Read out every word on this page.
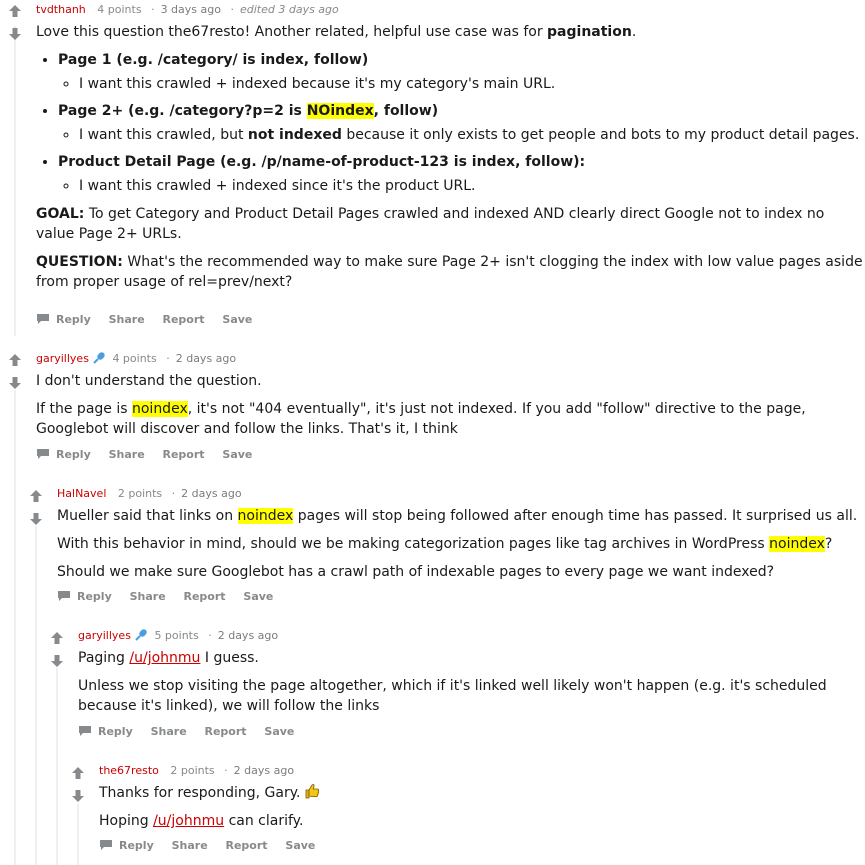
tvdthanh 4 points · 3 days ago · edited 3 days ago

Love this question the67resto! Another related, helpful use case was for pagination.

• Page 1 (e.g. /category/ is index, follow)
◦ I want this crawled + indexed because it's my category's main URL.
• Page 2+ (e.g. /category?p=2 is NOindex, follow)
◦ I want this crawled, but not indexed because it only exists to get people and bots to my product detail pages.
• Product Detail Page (e.g. /p/name-of-product-123 is index, follow):
◦ I want this crawled + indexed since it's the product URL.

GOAL: To get Category and Product Detail Pages crawled and indexed AND clearly direct Google not to index no value Page 2+ URLs.

QUESTION: What's the recommended way to make sure Page 2+ isn't clogging the index with low value pages aside from proper usage of rel=prev/next?

Reply Share Report Save
garyillyes 4 points · 2 days ago

I don't understand the question.

If the page is noindex, it's not "404 eventually", it's just not indexed. If you add "follow" directive to the page, Googlebot will discover and follow the links. That's it, I think

Reply Share Report Save
HalNavel 2 points · 2 days ago

Mueller said that links on noindex pages will stop being followed after enough time has passed. It surprised us all.

With this behavior in mind, should we be making categorization pages like tag archives in WordPress noindex?

Should we make sure Googlebot has a crawl path of indexable pages to every page we want indexed?

Reply Share Report Save
garyillyes 5 points · 2 days ago

Paging /u/johnmu I guess.

Unless we stop visiting the page altogether, which if it's linked well likely won't happen (e.g. it's scheduled because it's linked), we will follow the links

Reply Share Report Save
the67resto 2 points · 2 days ago

Thanks for responding, Gary.

Hoping /u/johnmu can clarify.

Reply Share Report Save
